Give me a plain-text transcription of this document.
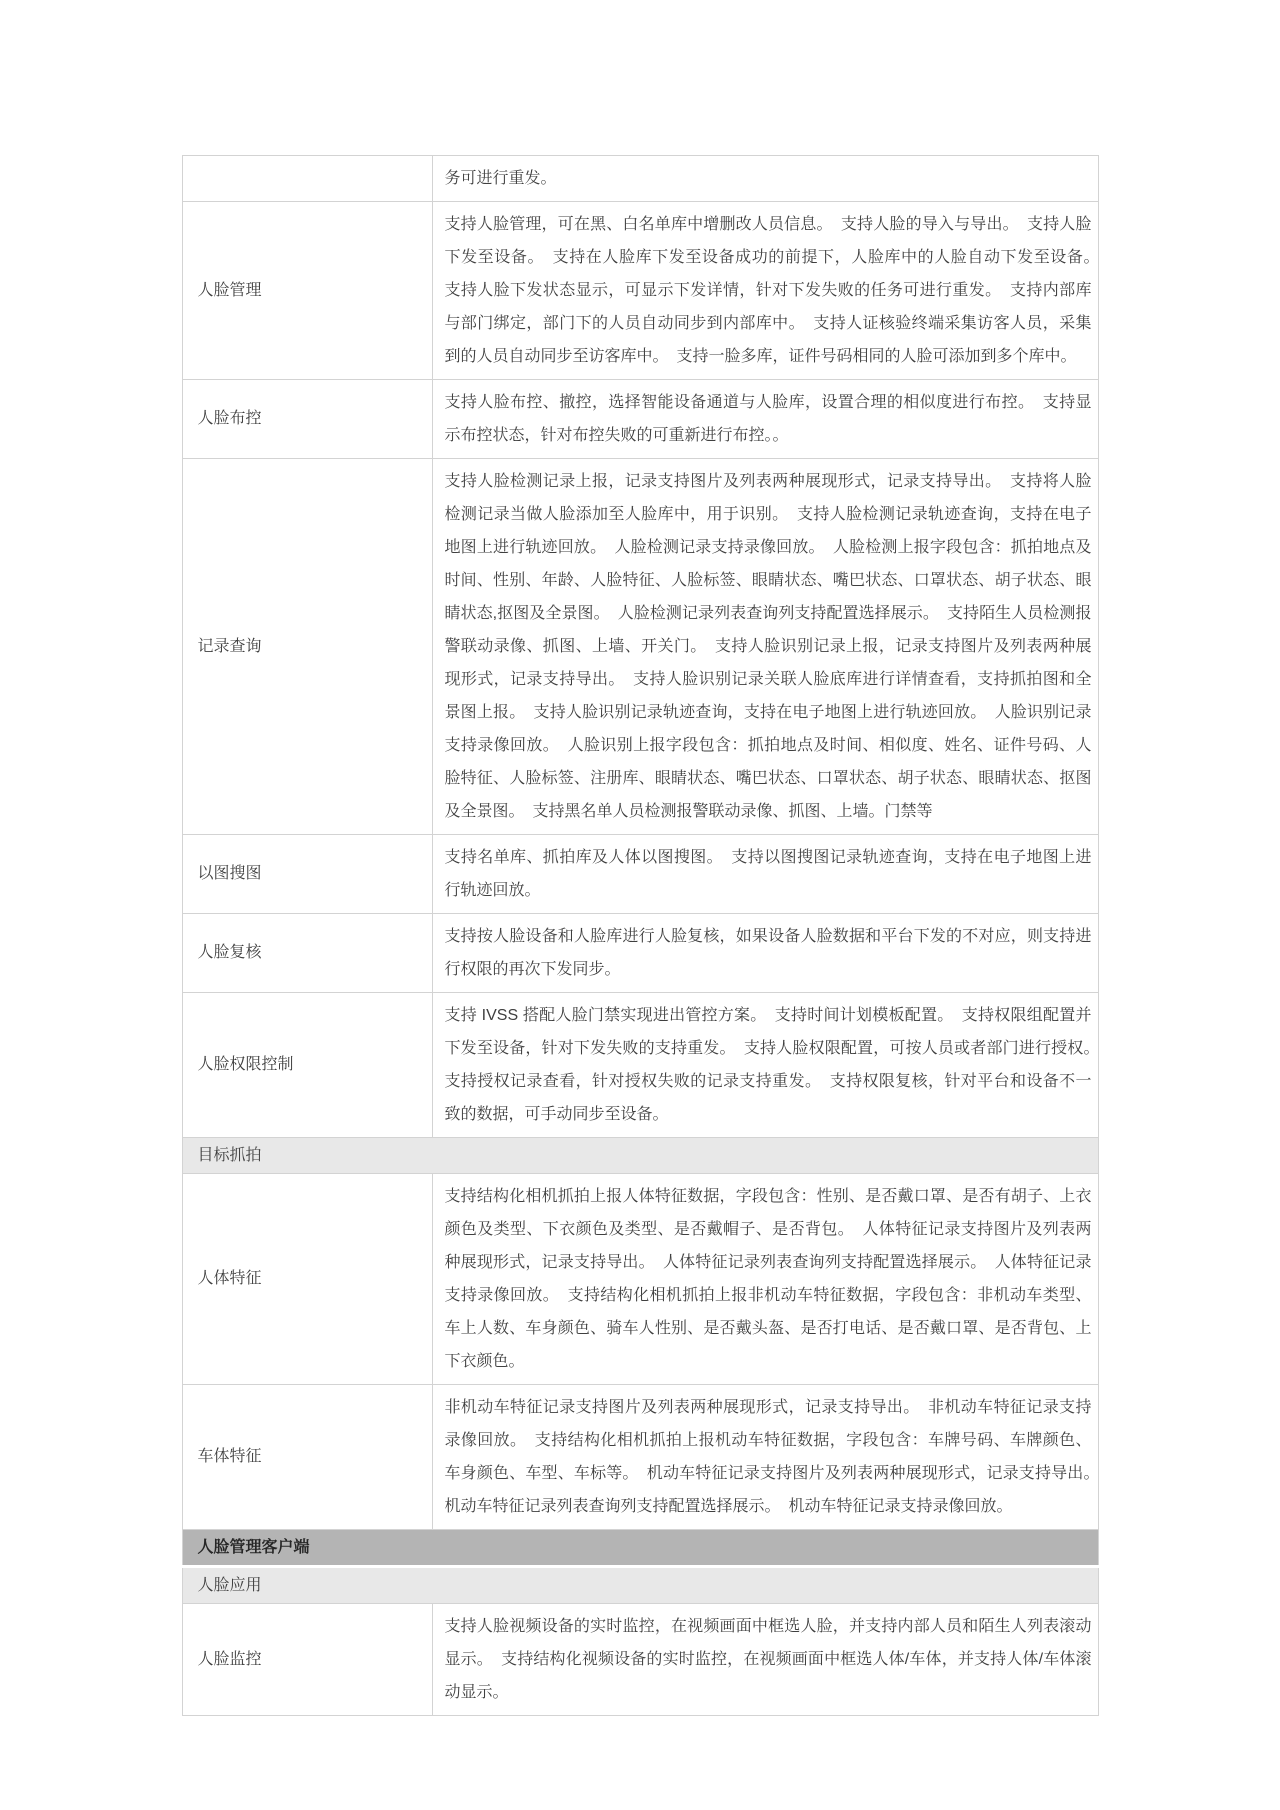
	务可进行重发。
人脸管理	支持人脸管理，可在黑、白名单库中增删改人员信息。　支持人脸的导入与导出。　支持人脸下发至设备。　支持在人脸库下发至设备成功的前提下，人脸库中的人脸自动下发至设备。　支持人脸下发状态显示，可显示下发详情，针对下发失败的任务可进行重发。　支持内部库与部门绑定，部门下的人员自动同步到内部库中。　支持人证核验终端采集访客人员，采集到的人员自动同步至访客库中。　支持一脸多库，证件号码相同的人脸可添加到多个库中。
人脸布控	支持人脸布控、撤控，选择智能设备通道与人脸库，设置合理的相似度进行布控。　支持显示布控状态，针对布控失败的可重新进行布控。。
记录查询	支持人脸检测记录上报，记录支持图片及列表两种展现形式，记录支持导出。　支持将人脸检测记录当做人脸添加至人脸库中，用于识别。　支持人脸检测记录轨迹查询，支持在电子地图上进行轨迹回放。　人脸检测记录支持录像回放。　人脸检测上报字段包含：抓拍地点及时间、性别、年龄、人脸特征、人脸标签、眼睛状态、嘴巴状态、口罩状态、胡子状态、眼睛状态,抠图及全景图。　人脸检测记录列表查询列支持配置选择展示。　支持陌生人员检测报警联动录像、抓图、上墙、开关门。　支持人脸识别记录上报，记录支持图片及列表两种展现形式，记录支持导出。　支持人脸识别记录关联人脸底库进行详情查看，支持抓拍图和全景图上报。　支持人脸识别记录轨迹查询，支持在电子地图上进行轨迹回放。　人脸识别记录支持录像回放。　人脸识别上报字段包含：抓拍地点及时间、相似度、姓名、证件号码、人脸特征、人脸标签、注册库、眼睛状态、嘴巴状态、口罩状态、胡子状态、眼睛状态、抠图及全景图。　支持黑名单人员检测报警联动录像、抓图、上墙。门禁等
以图搜图	支持名单库、抓拍库及人体以图搜图。　支持以图搜图记录轨迹查询，支持在电子地图上进行轨迹回放。
人脸复核	支持按人脸设备和人脸库进行人脸复核，如果设备人脸数据和平台下发的不对应，则支持进行权限的再次下发同步。
人脸权限控制	支持 IVSS 搭配人脸门禁实现进出管控方案。　支持时间计划模板配置。　支持权限组配置并下发至设备，针对下发失败的支持重发。　支持人脸权限配置，可按人员或者部门进行授权。　支持授权记录查看，针对授权失败的记录支持重发。　支持权限复核，针对平台和设备不一致的数据，可手动同步至设备。
目标抓拍	
人体特征	支持结构化相机抓拍上报人体特征数据，字段包含：性别、是否戴口罩、是否有胡子、上衣颜色及类型、下衣颜色及类型、是否戴帽子、是否背包。　人体特征记录支持图片及列表两种展现形式，记录支持导出。　人体特征记录列表查询列支持配置选择展示。　人体特征记录支持录像回放。　支持结构化相机抓拍上报非机动车特征数据，字段包含：非机动车类型、车上人数、车身颜色、骑车人性别、是否戴头盔、是否打电话、是否戴口罩、是否背包、上下衣颜色。
车体特征	非机动车特征记录支持图片及列表两种展现形式，记录支持导出。　非机动车特征记录支持录像回放。　支持结构化相机抓拍上报机动车特征数据，字段包含：车牌号码、车牌颜色、车身颜色、车型、车标等。　机动车特征记录支持图片及列表两种展现形式，记录支持导出。　机动车特征记录列表查询列支持配置选择展示。　机动车特征记录支持录像回放。
人脸管理客户端	
人脸应用	
人脸监控	支持人脸视频设备的实时监控，在视频画面中框选人脸，并支持内部人员和陌生人列表滚动显示。　支持结构化视频设备的实时监控，在视频画面中框选人体/车体，并支持人体/车体滚动显示。
